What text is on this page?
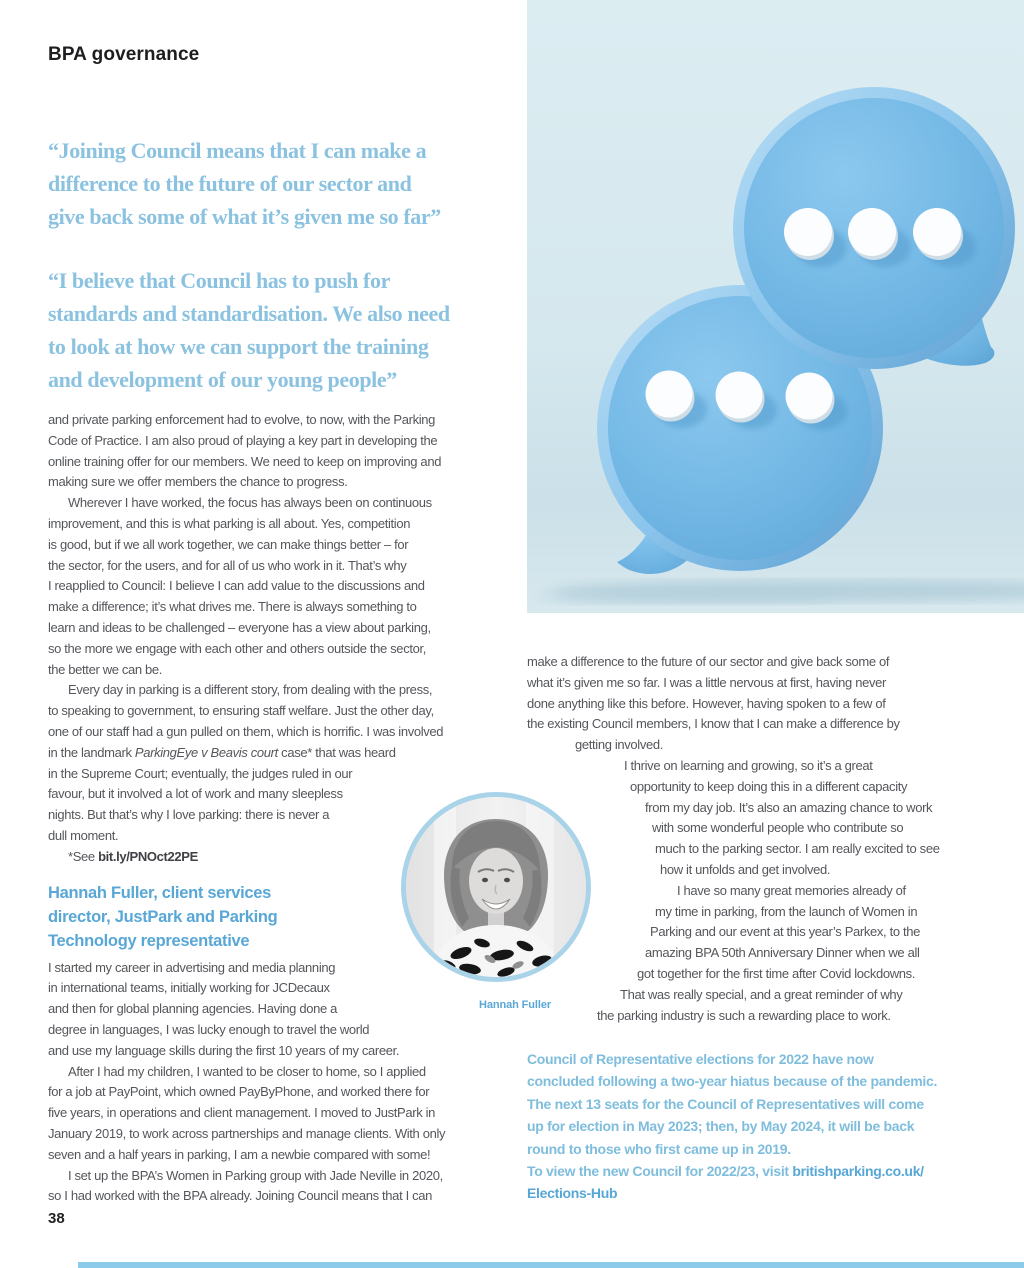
BPA governance
“Joining Council means that I can make a
difference to the future of our sector and
give back some of what it’s given me so far”
“I believe that Council has to push for
standards and standardisation. We also need
to look at how we can support the training
and development of our young people”
and private parking enforcement had to evolve, to now, with the Parking
Code of Practice. I am also proud of playing a key part in developing the
online training offer for our members. We need to keep on improving and
making sure we offer members the chance to progress.
Wherever I have worked, the focus has always been on continuous
improvement, and this is what parking is all about. Yes, competition
is good, but if we all work together, we can make things better – for
the sector, for the users, and for all of us who work in it. That’s why
I reapplied to Council: I believe I can add value to the discussions and
make a difference; it’s what drives me. There is always something to
learn and ideas to be challenged – everyone has a view about parking,
so the more we engage with each other and others outside the sector,
the better we can be.
Every day in parking is a different story, from dealing with the press,
to speaking to government, to ensuring staff welfare. Just the other day,
one of our staff had a gun pulled on them, which is horrific. I was involved
in the landmark ParkingEye v Beavis court case* that was heard
in the Supreme Court; eventually, the judges ruled in our
favour, but it involved a lot of work and many sleepless
nights. But that’s why I love parking: there is never a
dull moment.
*See bit.ly/PNOct22PE
Hannah Fuller, client services
director, JustPark and Parking
Technology representative
I started my career in advertising and media planning
in international teams, initially working for JCDecaux
and then for global planning agencies. Having done a
degree in languages, I was lucky enough to travel the world
and use my language skills during the first 10 years of my career.
After I had my children, I wanted to be closer to home, so I applied
for a job at PayPoint, which owned PayByPhone, and worked there for
five years, in operations and client management. I moved to JustPark in
January 2019, to work across partnerships and manage clients. With only
seven and a half years in parking, I am a newbie compared with some!
I set up the BPA’s Women in Parking group with Jade Neville in 2020,
so I had worked with the BPA already. Joining Council means that I can
make a difference to the future of our sector and give back some of
what it’s given me so far. I was a little nervous at first, having never
done anything like this before. However, having spoken to a few of
the existing Council members, I know that I can make a difference by
getting involved.
I thrive on learning and growing, so it’s a great
opportunity to keep doing this in a different capacity
from my day job. It’s also an amazing chance to work
with some wonderful people who contribute so
much to the parking sector. I am really excited to see
how it unfolds and get involved.
I have so many great memories already of
my time in parking, from the launch of Women in
Parking and our event at this year’s Parkex, to the
amazing BPA 50th Anniversary Dinner when we all
got together for the first time after Covid lockdowns.
That was really special, and a great reminder of why
the parking industry is such a rewarding place to work.
Hannah Fuller
Council of Representative elections for 2022 have now
concluded following a two-year hiatus because of the pandemic.
The next 13 seats for the Council of Representatives will come
up for election in May 2023; then, by May 2024, it will be back
round to those who first came up in 2019.
To view the new Council for 2022/23, visit britishparking.co.uk/
Elections-Hub
38
